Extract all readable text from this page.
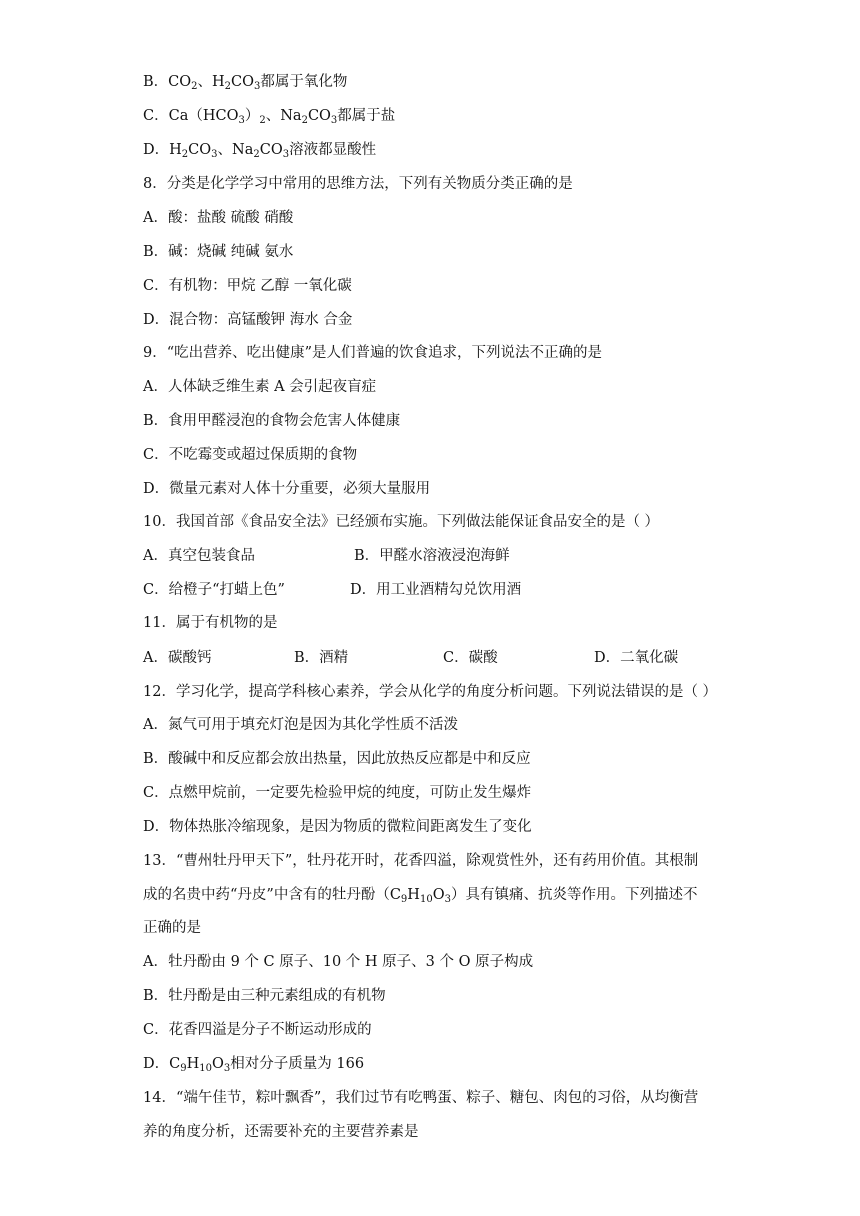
B．$CO_2$、$H_2CO_3$都属于氧化物
C．$Ca(HCO_3)_2$、$Na_2CO_3$都属于盐
D．$H_2CO_3$、$Na_2CO_3$溶液都显酸性
8．分类是化学学习中常用的思维方法，下列有关物质分类正确的是
A．酸：盐酸 硫酸 硝酸
B．碱：烧碱 纯碱 氨水
C．有机物：甲烷 乙醇 一氧化碳
D．混合物：高锰酸钾 海水 合金
9．“吃出营养、吃出健康”是人们普遍的饮食追求，下列说法不正确的是
A．人体缺乏维生素 A 会引起夜盲症
B．食用甲醛浸泡的食物会危害人体健康
C．不吃霉变或超过保质期的食物
D．微量元素对人体十分重要，必须大量服用
10．我国首部《食品安全法》已经颁布实施。下列做法能保证食品安全的是（ ）
A．真空包装食品	B．甲醛水溶液浸泡海鲜
C．给橙子“打蜡上色”	D．用工业酒精勾兑饮用酒
11．属于有机物的是
A．碳酸钙	B．酒精	C．碳酸	D．二氧化碳
12．学习化学，提高学科核心素养，学会从化学的角度分析问题。下列说法错误的是（ ）
A．氮气可用于填充灯泡是因为其化学性质不活泼
B．酸碱中和反应都会放出热量，因此放热反应都是中和反应
C．点燃甲烷前，一定要先检验甲烷的纯度，可防止发生爆炸
D．物体热胀冷缩现象，是因为物质的微粒间距离发生了变化
13．“曹州牡丹甲天下”，牡丹花开时，花香四溢，除观赏性外，还有药用价值。其根制
成的名贵中药“丹皮”中含有的牡丹酚$(C_9H_{10}O_3)$具有镇痛、抗炎等作用。下列描述不
正确的是
A．牡丹酚由 9 个 C 原子、10 个 H 原子、3 个 O 原子构成
B．牡丹酚是由三种元素组成的有机物
C．花香四溢是分子不断运动形成的
D．$C_9H_{10}O_3$相对分子质量为 166
14．“端午佳节，粽叶飘香”，我们过节有吃鸭蛋、粽子、糖包、肉包的习俗，从均衡营
养的角度分析，还需要补充的主要营养素是
